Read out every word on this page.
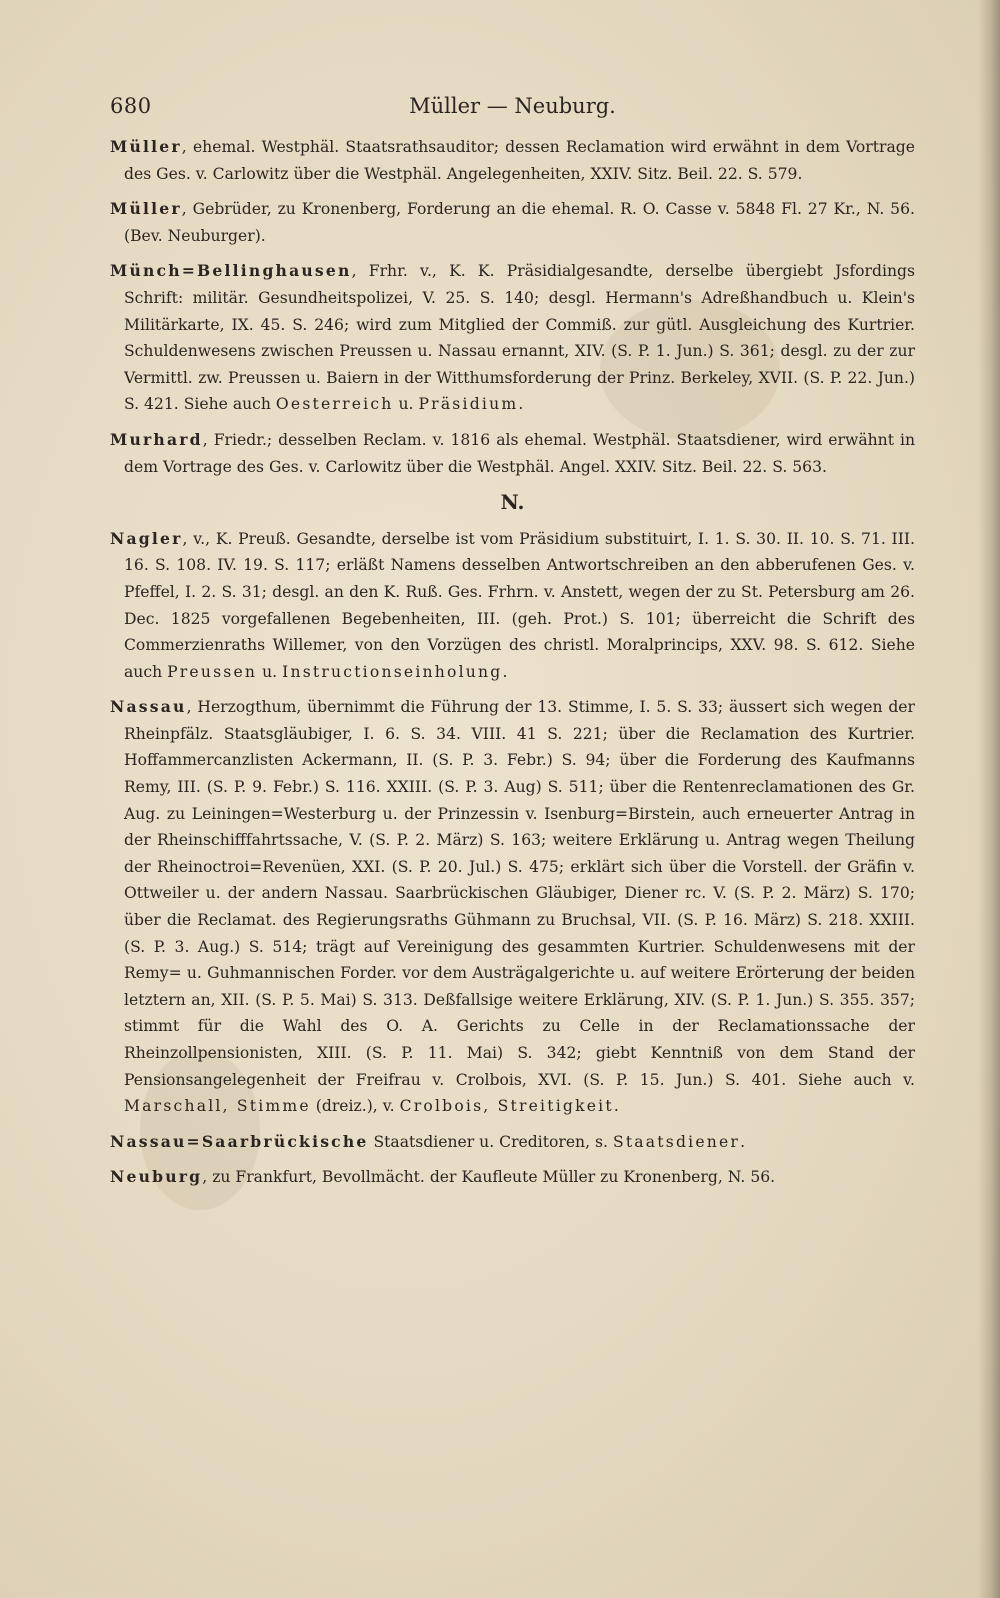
Müller — Neuburg.
680

Müller, ehemal. Westphäl. Staatsrathsauditor; dessen Reclamation wird erwähnt in dem Vortrage des Ges. v. Carlowitz über die Westphäl. Angelegenheiten, XXIV. Sitz. Beil. 22. S. 579.

Müller, Gebrüder, zu Kronenberg, Forderung an die ehemal. R. O. Casse v. 5848 Fl. 27 Kr., N. 56. (Bev. Neuburger).

Münch=Bellinghausen, Frhr. v., K. K. Präsidialgesandte, derselbe übergiebt Jsfordings Schrift: militär. Gesundheitspolizei, V. 25. S. 140; desgl. Hermann's Adreßhandbuch u. Klein's Militärkarte, IX. 45. S. 246; wird zum Mitglied der Commiß. zur gütl. Ausgleichung des Kurtrier. Schuldenwesens zwischen Preussen u. Nassau ernannt, XIV. (S. P. 1. Jun.) S. 361; desgl. zu der zur Vermittl. zw. Preussen u. Baiern in der Witthumsforderung der Prinz. Berkeley, XVII. (S. P. 22. Jun.) S. 421. Siehe auch Oesterreich u. Präsidium.

Murhard, Friedr.; desselben Reclam. v. 1816 als ehemal. Westphäl. Staatsdiener, wird erwähnt in dem Vortrage des Ges. v. Carlowitz über die Westphäl. Angel. XXIV. Sitz. Beil. 22. S. 563.

N.

Nagler, v., K. Preuß. Gesandte, derselbe ist vom Präsidium substituirt, I. 1. S. 30. II. 10. S. 71. III. 16. S. 108. IV. 19. S. 117; erläßt Namens desselben Antwortschreiben an den abberufenen Ges. v. Pfeffel, I. 2. S. 31; desgl. an den K. Ruß. Ges. Frhrn. v. Anstett, wegen der zu St. Petersburg am 26. Dec. 1825 vorgefallenen Begebenheiten, III. (geh. Prot.) S. 101; überreicht die Schrift des Commerzienraths Willemer, von den Vorzügen des christl. Moralprincips, XXV. 98. S. 612. Siehe auch Preussen u. Instructionseinholung.

Nassau, Herzogthum, übernimmt die Führung der 13. Stimme, I. 5. S. 33; äussert sich wegen der Rheinpfälz. Staatsgläubiger, I. 6. S. 34. VIII. 41 S. 221; über die Reclamation des Kurtrier. Hoffammercanzlisten Ackermann, II. (S. P. 3. Febr.) S. 94; über die Forderung des Kaufmanns Remy, III. (S. P. 9. Febr.) S. 116. XXIII. (S. P. 3. Aug) S. 511; über die Rentenreclamationen des Gr. Aug. zu Leiningen=Westerburg u. der Prinzessin v. Isenburg=Birstein, auch erneuerter Antrag in der Rheinschifffahrtssache, V. (S. P. 2. März) S. 163; weitere Erklärung u. Antrag wegen Theilung der Rheinoctroi=Revenüen, XXI. (S. P. 20. Jul.) S. 475; erklärt sich über die Vorstell. der Gräfin v. Ottweiler u. der andern Nassau. Saarbrückischen Gläubiger, Diener rc. V. (S. P. 2. März) S. 170; über die Reclamat. des Regierungsraths Gühmann zu Bruchsal, VII. (S. P. 16. März) S. 218. XXIII. (S. P. 3. Aug.) S. 514; trägt auf Vereinigung des gesammten Kurtrier. Schuldenwesens mit der Remy= u. Guhmannischen Forder. vor dem Austrägalgerichte u. auf weitere Erörterung der beiden letztern an, XII. (S. P. 5. Mai) S. 313. Deßfallsige weitere Erklärung, XIV. (S. P. 1. Jun.) S. 355. 357; stimmt für die Wahl des O. A. Gerichts zu Celle in der Reclamationssache der Rheinzollpensionisten, XIII. (S. P. 11. Mai) S. 342; giebt Kenntniß von dem Stand der Pensionsangelegenheit der Freifrau v. Crolbois, XVI. (S. P. 15. Jun.) S. 401. Siehe auch v. Marschall, Stimme (dreiz.), v. Crolbois, Streitigkeit.

Nassau=Saarbrückische Staatsdiener u. Creditoren, s. Staatsdiener.

Neuburg, zu Frankfurt, Bevollmächt. der Kaufleute Müller zu Kronenberg, N. 56.
